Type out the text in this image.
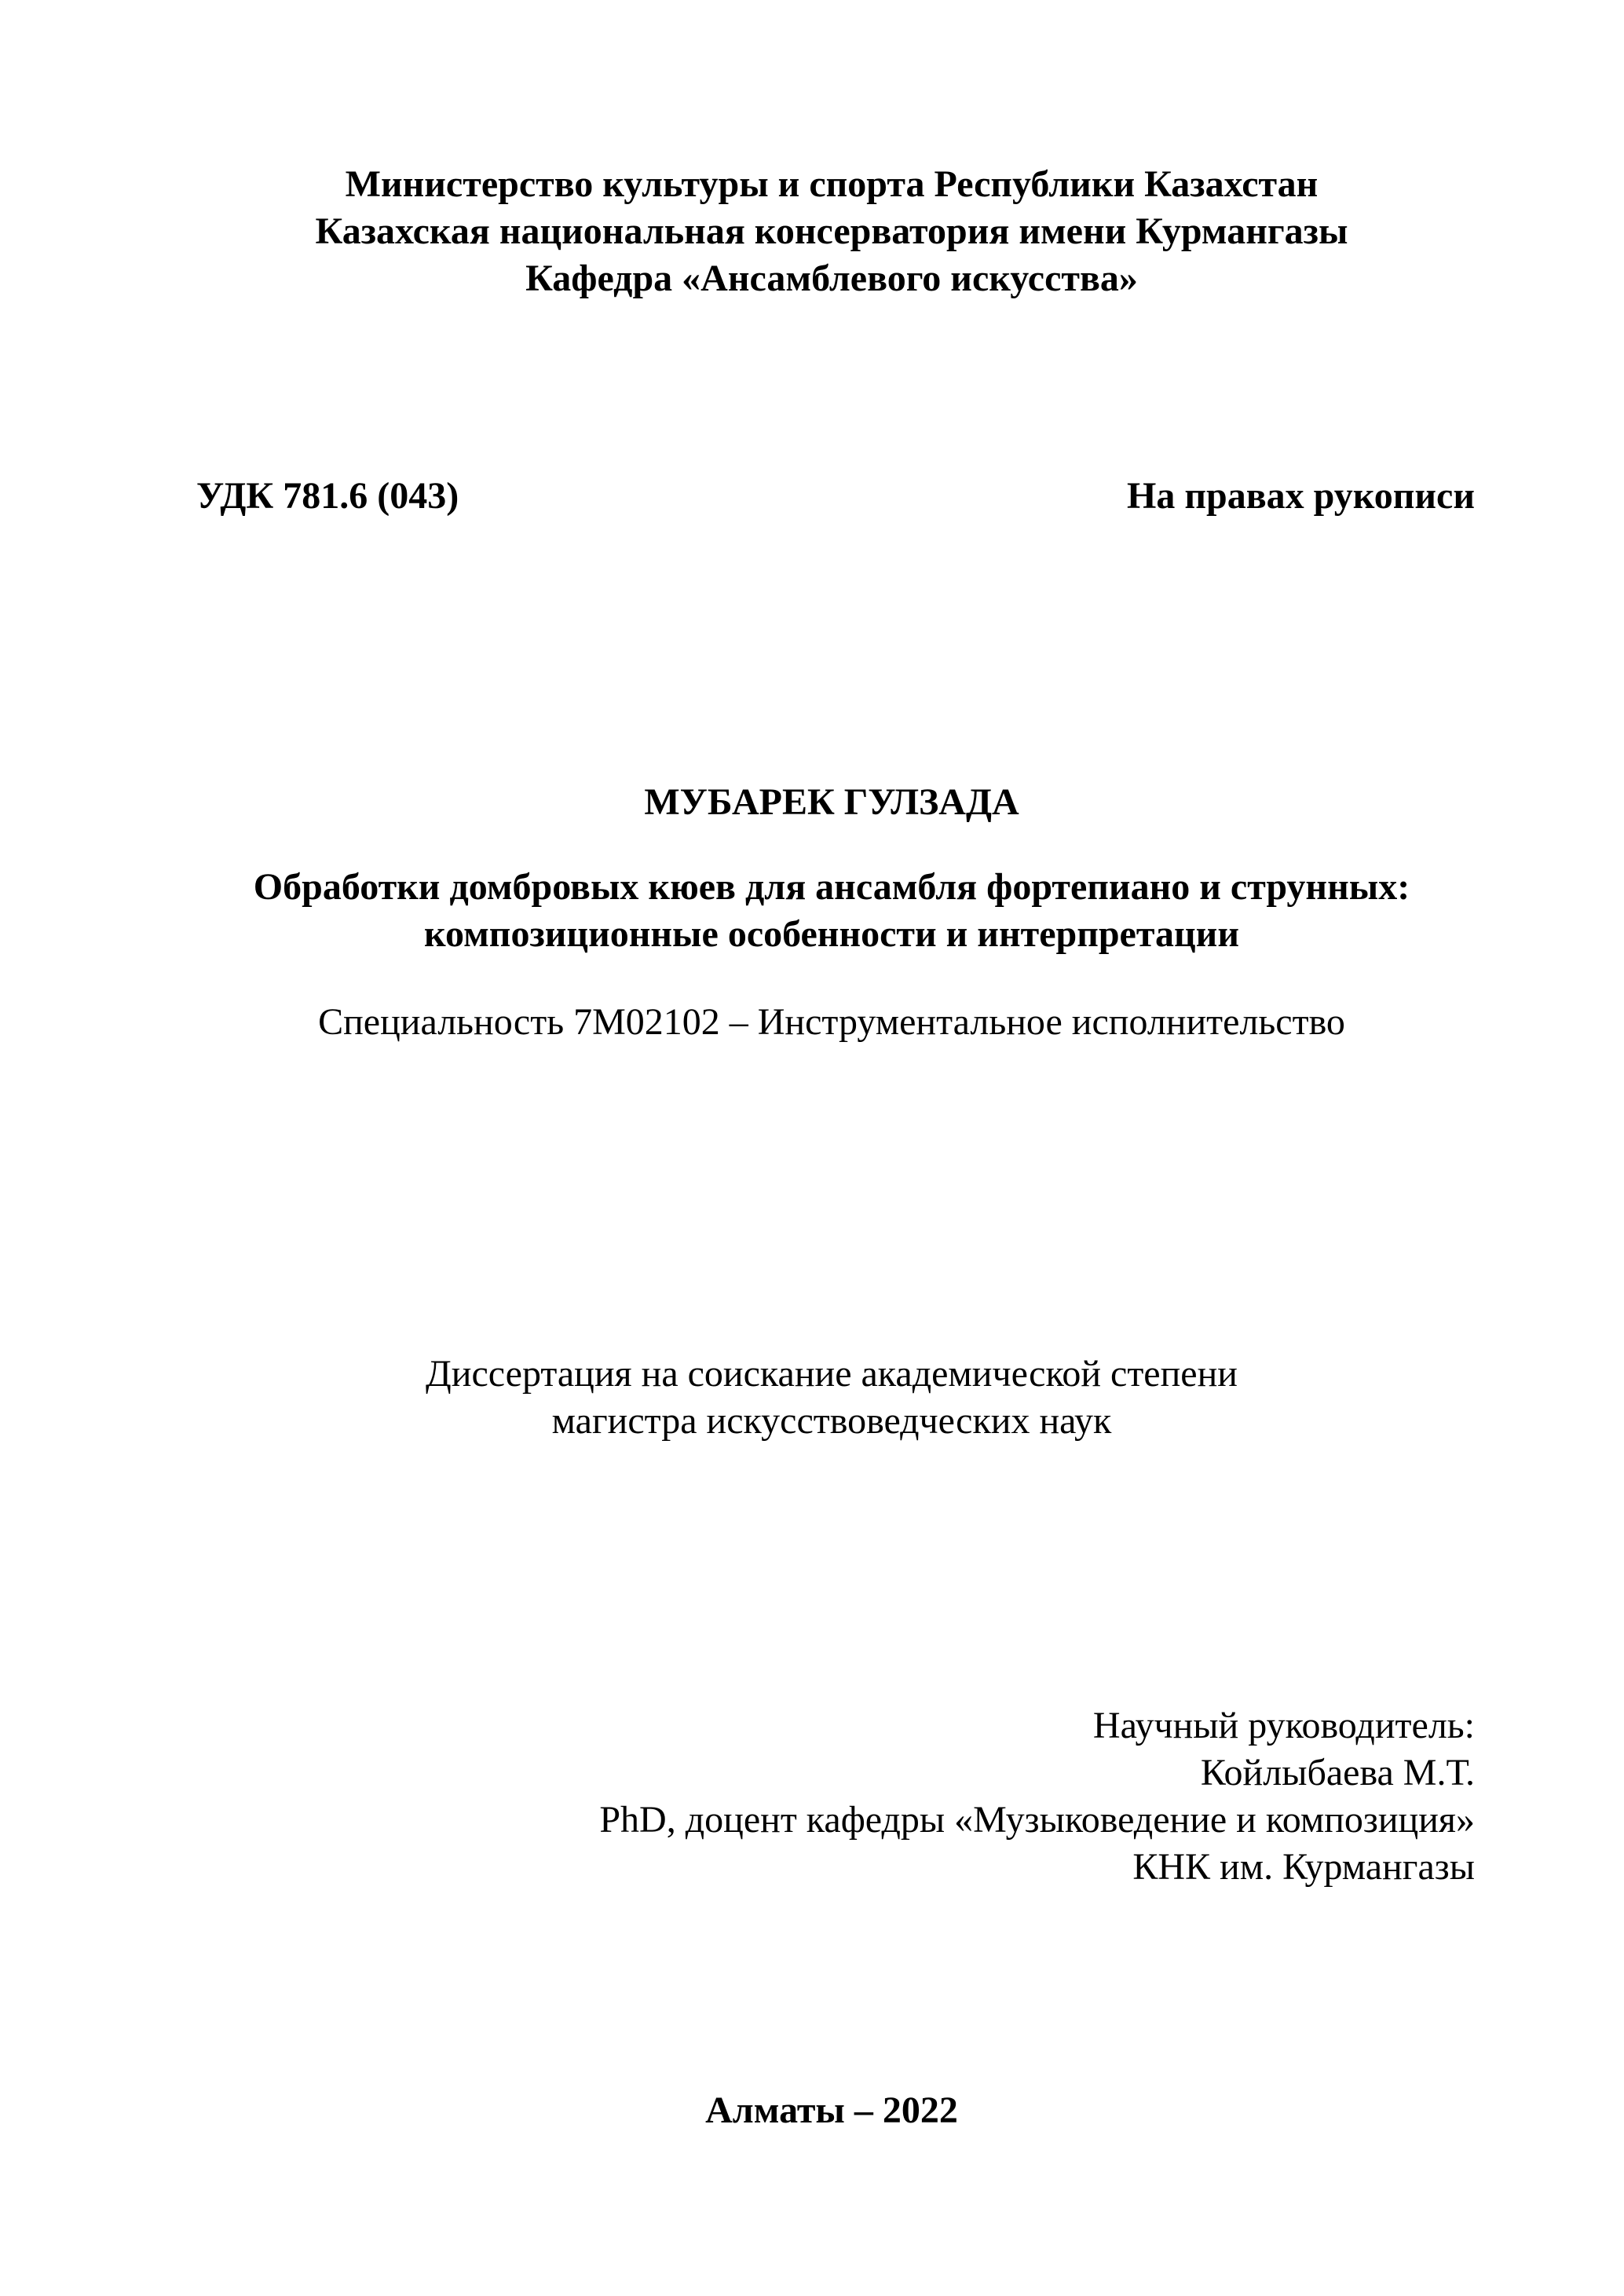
Министерство культуры и спорта Республики Казахстан
Казахская национальная консерватория имени Курмангазы
Кафедра «Ансамблевого искусства»
УДК 781.6 (043)	На правах рукописи
МУБАРЕК ГУЛЗАДА
Обработки домбровых кюев для ансамбля фортепиано и струнных:
композиционные особенности и интерпретации
Специальность 7М02102 – Инструментальное исполнительство
Диссертация на соискание академической степени
магистра искусствоведческих наук
Научный руководитель:
Койлыбаева М.Т.
PhD, доцент кафедры «Музыковедение и композиция»
КНК им. Курмангазы
Алматы – 2022
